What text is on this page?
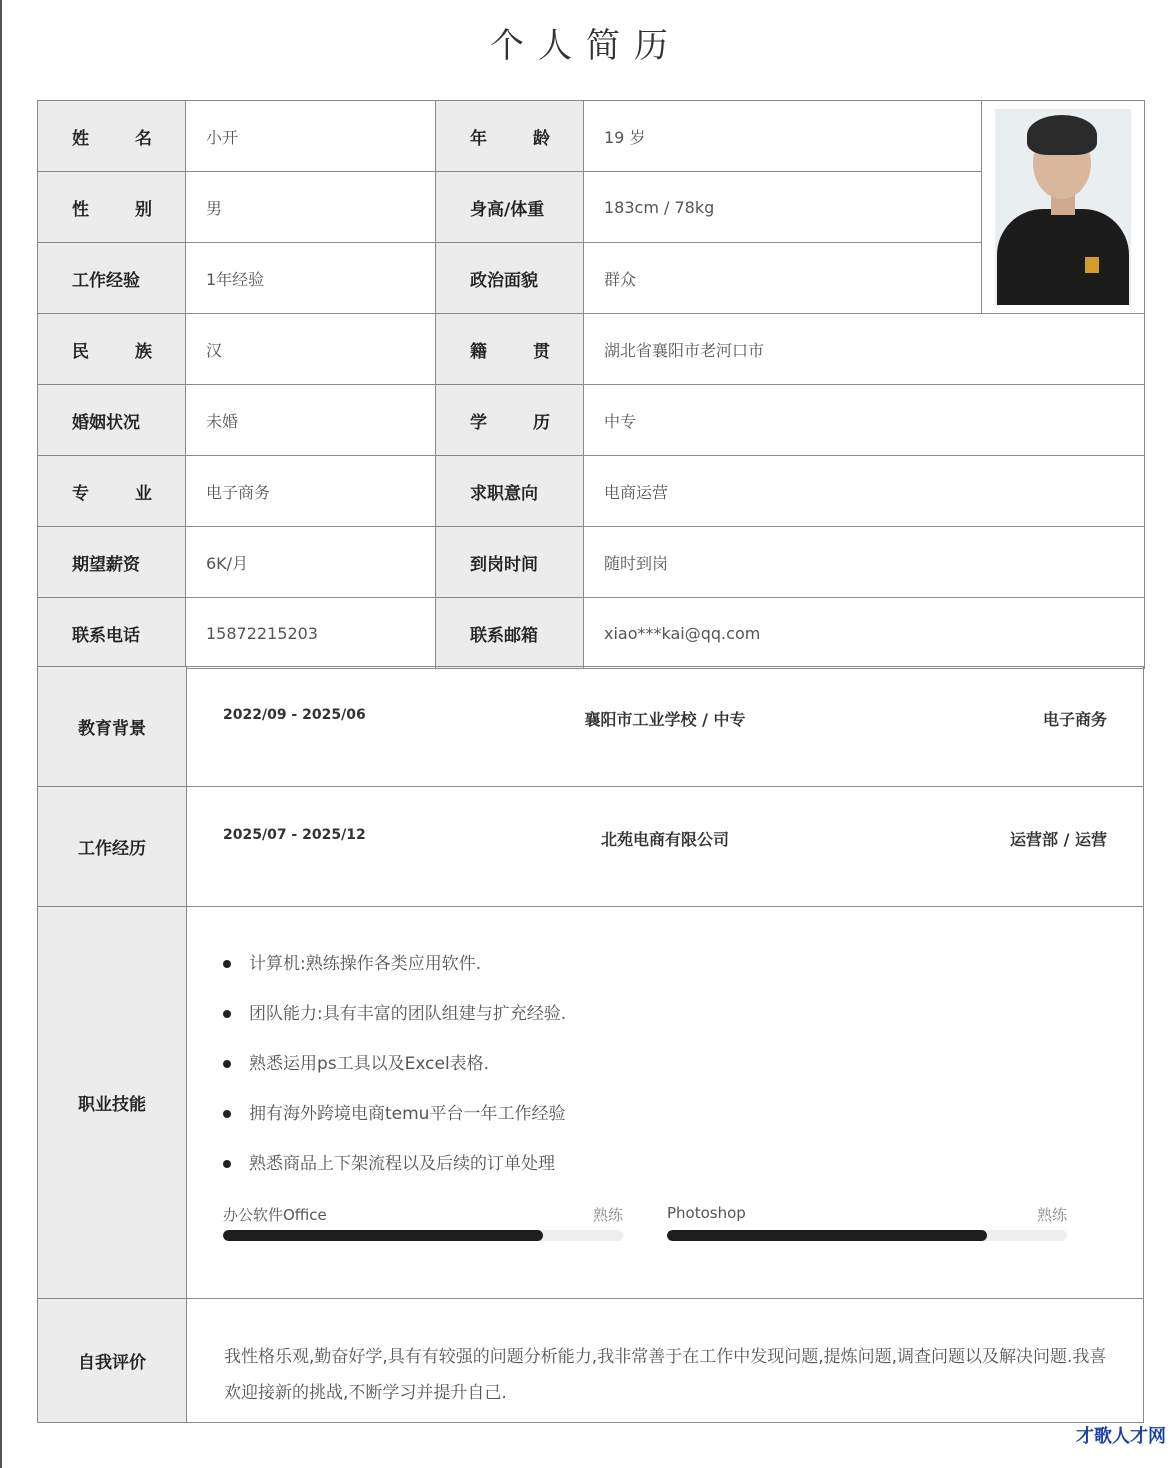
个人简历
姓 名	小开	年 龄	19 岁	

性 别	男	身高/体重	183cm / 78kg	

工作经验	1年经验	政治面貌	群众	

民 族	汉	籍 贯	湖北省襄阳市老河口市	

婚姻状况	未婚	学 历	中专	

专 业	电子商务	求职意向	电商运营	

期望薪资	6K/月	到岗时间	随时到岗	

联系电话	15872215203	联系邮箱	xiao***kai@qq.com	
教育背景
2022/09 - 2025/06	襄阳市工业学校 / 中专	电子商务
工作经历
2025/07 - 2025/12	北苑电商有限公司	运营部 / 运营
职业技能
计算机:熟练操作各类应用软件.
团队能力:具有丰富的团队组建与扩充经验.
熟悉运用ps工具以及Excel表格.
拥有海外跨境电商temu平台一年工作经验
熟悉商品上下架流程以及后续的订单处理
办公软件Office	熟练	Photoshop	熟练
自我评价	我性格乐观,勤奋好学,具有有较强的问题分析能力,我非常善于在工作中发现问题,提炼问题,调查问题以及解决问题.我喜欢迎接新的挑战,不断学习并提升自己.
才歌人才网
